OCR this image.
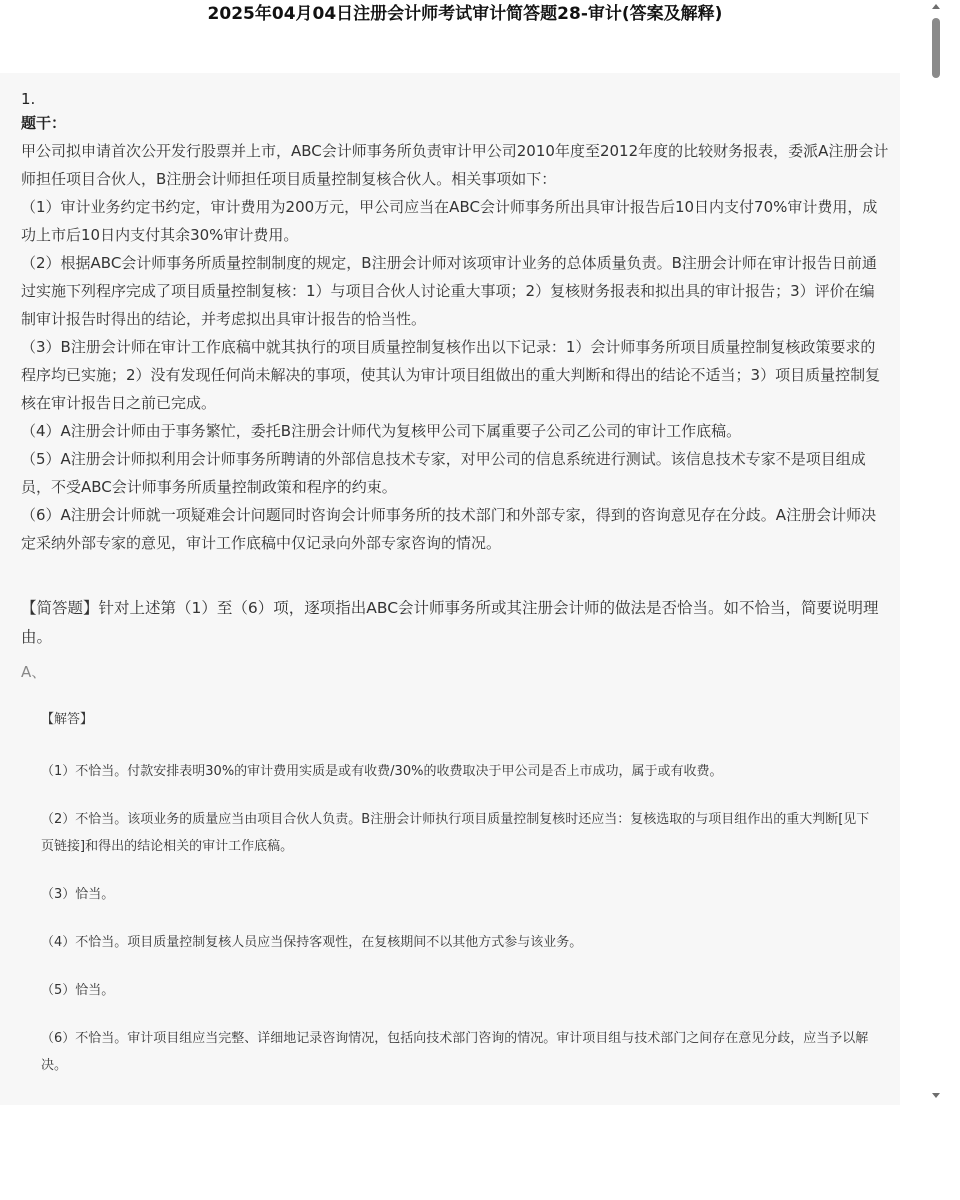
2025年04月04日注册会计师考试审计简答题28-审计(答案及解释)
1.
题干：

甲公司拟申请首次公开发行股票并上市，ABC会计师事务所负责审计甲公司2010年度至2012年度的比较财务报表，委派A注册会计师担任项目合伙人，B注册会计师担任项目质量控制复核合伙人。相关事项如下：

（1）审计业务约定书约定，审计费用为200万元，甲公司应当在ABC会计师事务所出具审计报告后10日内支付70%审计费用，成功上市后10日内支付其余30%审计费用。

（2）根据ABC会计师事务所质量控制制度的规定，B注册会计师对该项审计业务的总体质量负责。B注册会计师在审计报告日前通过实施下列程序完成了项目质量控制复核：1）与项目合伙人讨论重大事项；2）复核财务报表和拟出具的审计报告；3）评价在编制审计报告时得出的结论，并考虑拟出具审计报告的恰当性。

（3）B注册会计师在审计工作底稿中就其执行的项目质量控制复核作出以下记录：1）会计师事务所项目质量控制复核政策要求的程序均已实施；2）没有发现任何尚未解决的事项，使其认为审计项目组做出的重大判断和得出的结论不适当；3）项目质量控制复核在审计报告日之前已完成。

（4）A注册会计师由于事务繁忙，委托B注册会计师代为复核甲公司下属重要子公司乙公司的审计工作底稿。

（5）A注册会计师拟利用会计师事务所聘请的外部信息技术专家，对甲公司的信息系统进行测试。该信息技术专家不是项目组成员，不受ABC会计师事务所质量控制政策和程序的约束。

（6）A注册会计师就一项疑难会计问题同时咨询会计师事务所的技术部门和外部专家，得到的咨询意见存在分歧。A注册会计师决定采纳外部专家的意见，审计工作底稿中仅记录向外部专家咨询的情况。

【简答题】针对上述第（1）至（6）项，逐项指出ABC会计师事务所或其注册会计师的做法是否恰当。如不恰当，简要说明理由。

A、

【解答】

（1）不恰当。付款安排表明30%的审计费用实质是或有收费/30%的收费取决于甲公司是否上市成功，属于或有收费。

（2）不恰当。该项业务的质量应当由项目合伙人负责。B注册会计师执行项目质量控制复核时还应当：复核选取的与项目组作出的重大判断[见下页链接]和得出的结论相关的审计工作底稿。

（3）恰当。

（4）不恰当。项目质量控制复核人员应当保持客观性，在复核期间不以其他方式参与该业务。

（5）恰当。

（6）不恰当。审计项目组应当完整、详细地记录咨询情况，包括向技术部门咨询的情况。审计项目组与技术部门之间存在意见分歧，应当予以解决。
